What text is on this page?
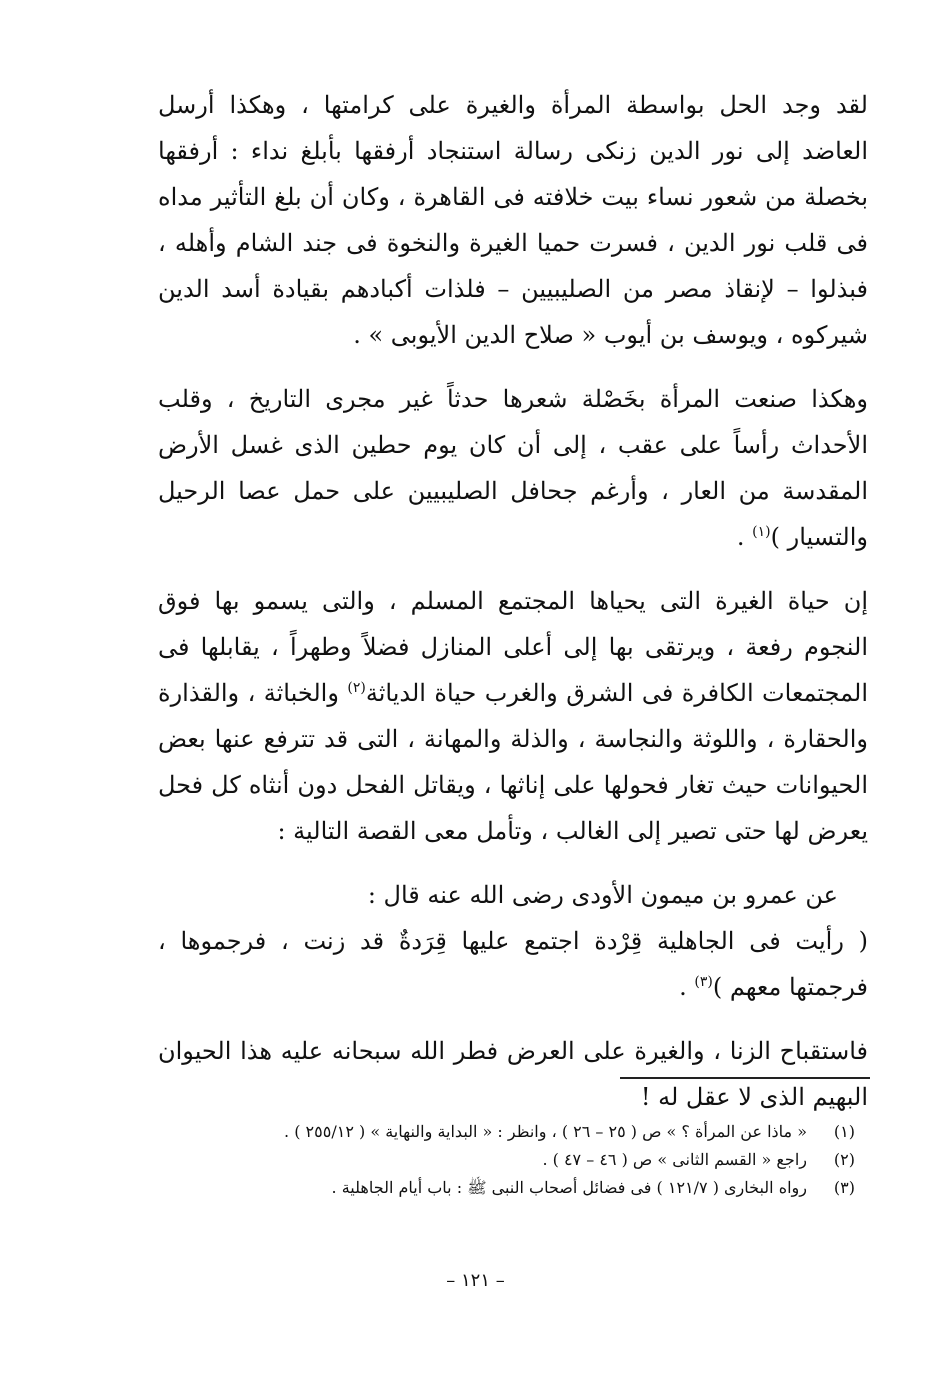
لقد وجد الحل بواسطة المرأة والغيرة على كرامتها ، وهكذا أرسل العاضد إلى نور الدين زنكى رسالة استنجاد أرفقها بأبلغ نداء : أرفقها بخصلة من شعور نساء بيت خلافته فى القاهرة ، وكان أن بلغ التأثير مداه فى قلب نور الدين ، فسرت حميا الغيرة والنخوة فى جند الشام وأهله ، فبذلوا – لإنقاذ مصر من الصليبيين – فلذات أكبادهم بقيادة أسد الدين شيركوه ، ويوسف بن أيوب « صلاح الدين الأيوبى » .

وهكذا صنعت المرأة بخَصْلة شعرها حدثاً غير مجرى التاريخ ، وقلب الأحداث رأساً على عقب ، إلى أن كان يوم حطين الذى غسل الأرض المقدسة من العار ، وأرغم جحافل الصليبيين على حمل عصا الرحيل والتسيار )$^{(١)}$ .

إن حياة الغيرة التى يحياها المجتمع المسلم ، والتى يسمو بها فوق النجوم رفعة ، ويرتقى بها إلى أعلى المنازل فضلاً وطهراً ، يقابلها فى المجتمعات الكافرة فى الشرق والغرب حياة الدياثة$^{(٢)}$ والخباثة ، والقذارة والحقارة ، واللوثة والنجاسة ، والذلة والمهانة ، التى قد تترفع عنها بعض الحيوانات حيث تغار فحولها على إناثها ، ويقاتل الفحل دون أنثاه كل فحل يعرض لها حتى تصير إلى الغالب ، وتأمل معى القصة التالية :

عن عمرو بن ميمون الأودى رضى الله عنه قال :

( رأيت فى الجاهلية قِرْدة اجتمع عليها قِرَدةٌ قد زنت ، فرجموها ، فرجمتها معهم )$^{(٣)}$ .

فاستقباح الزنا ، والغيرة على العرض فطر الله سبحانه عليه هذا الحيوان البهيم الذى لا عقل له !

(١)
« ماذا عن المرأة ؟ » ص ( ٢٥ – ٢٦ ) ، وانظر : « البداية والنهاية » ( ٢٥٥/١٢ ) .
(٢)
راجع « القسم الثانى » ص ( ٤٦ – ٤٧ ) .
(٣)
رواه البخارى ( ١٢١/٧ ) فى فضائل أصحاب النبى ﷺ : باب أيام الجاهلية .
– ١٢١ –
